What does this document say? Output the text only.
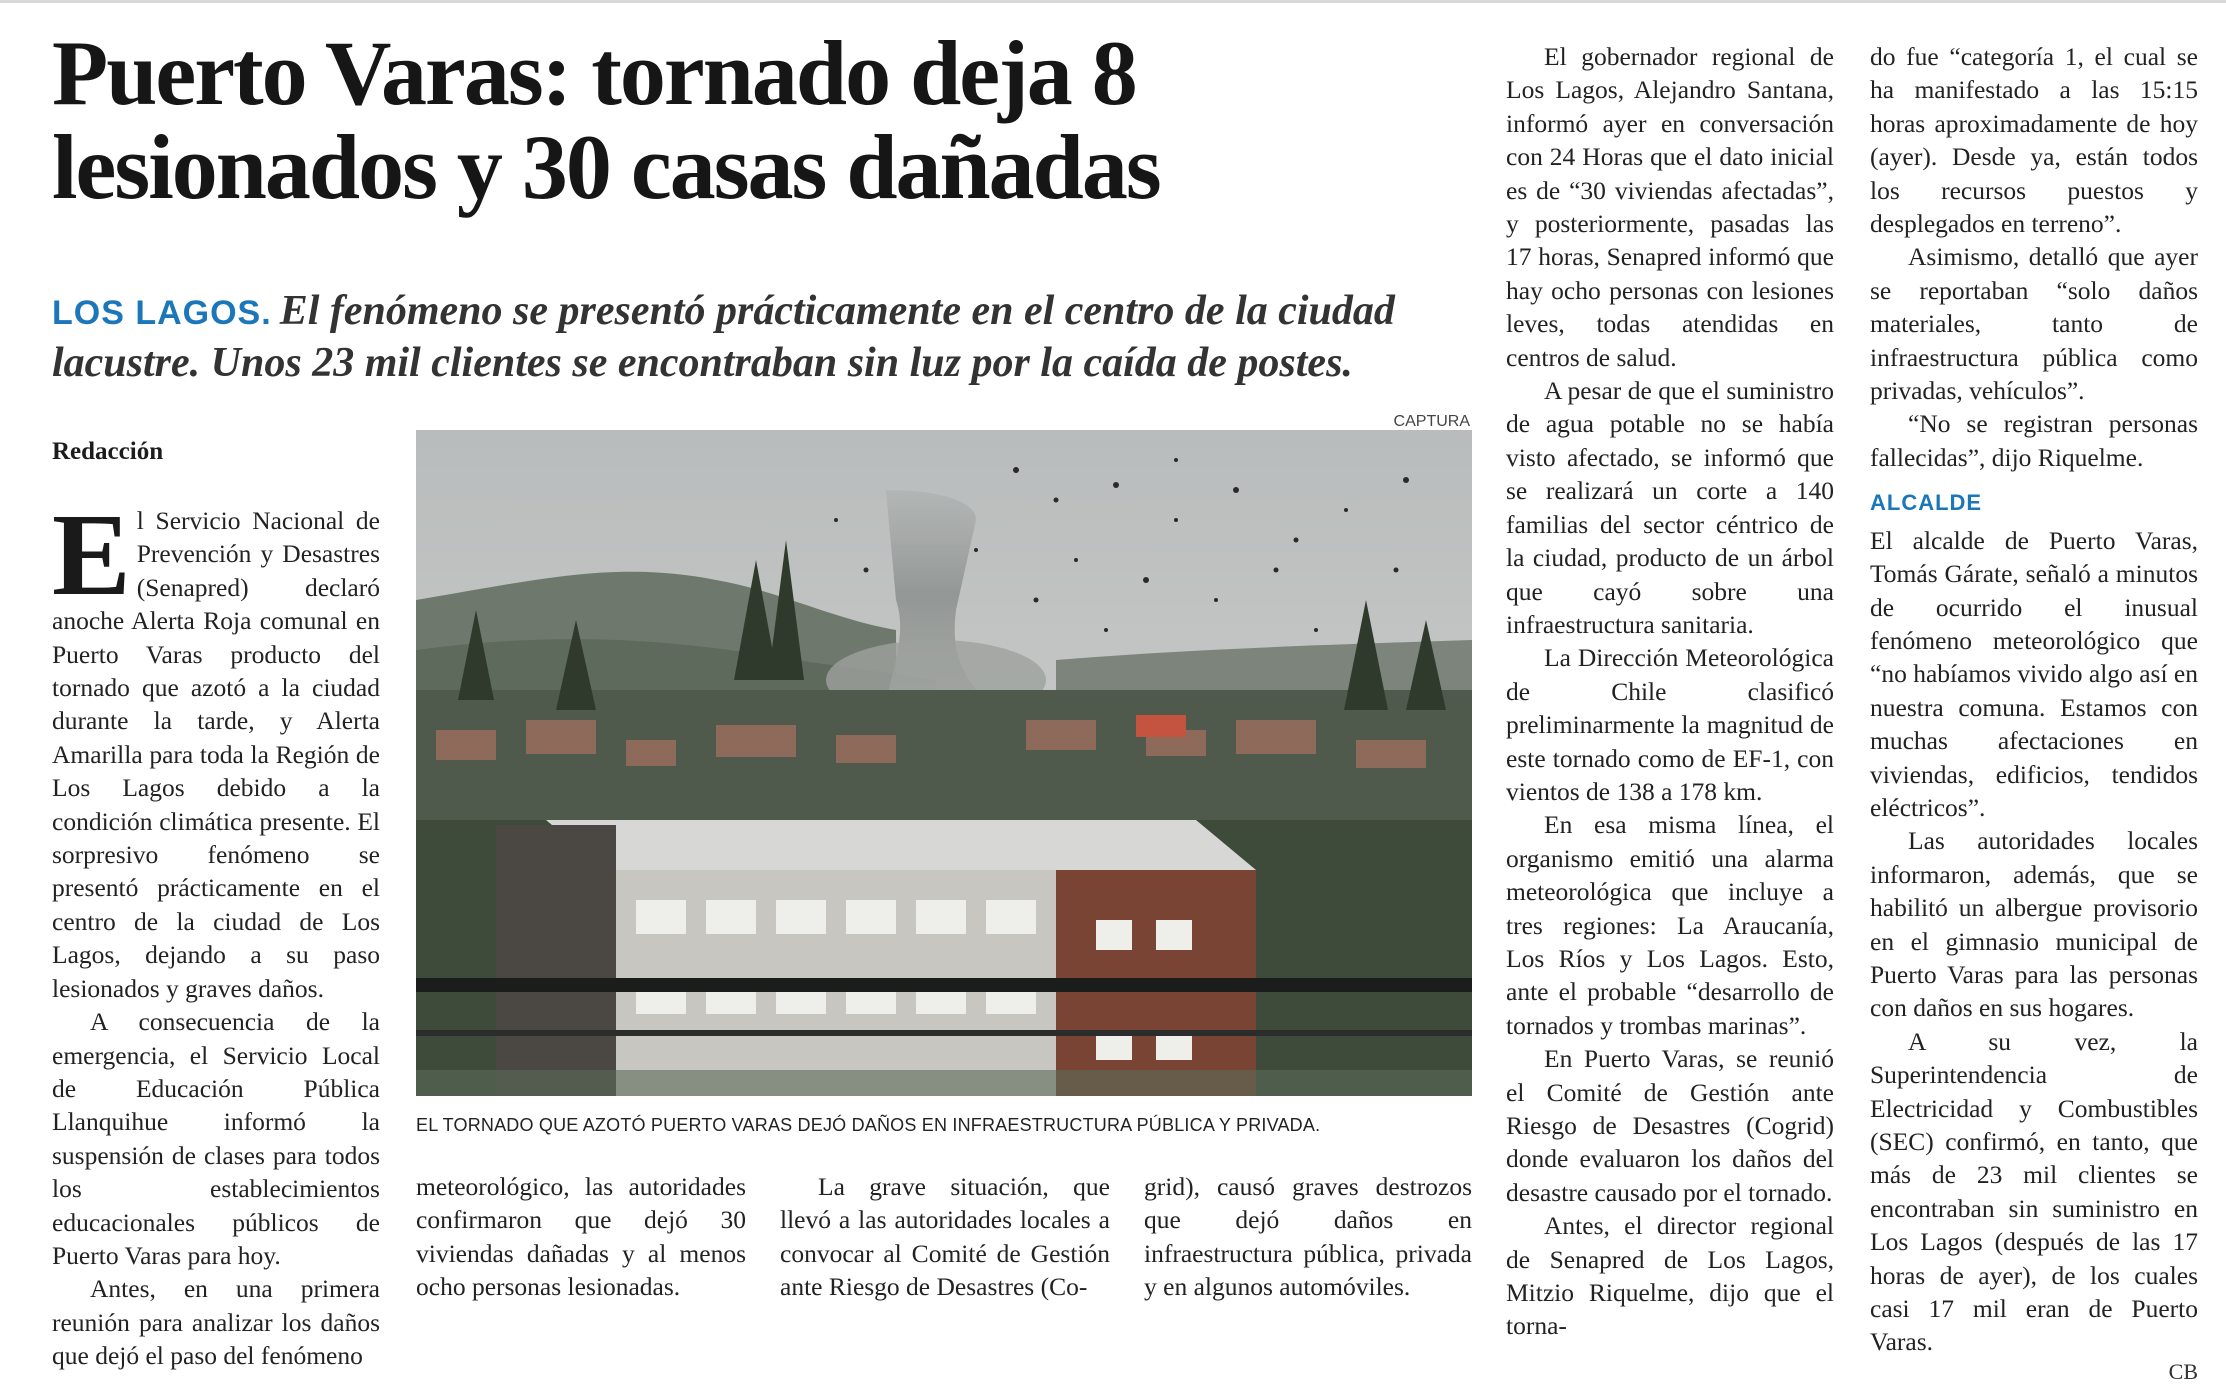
Puerto Varas: tornado deja 8 lesionados y 30 casas dañadas

LOS LAGOS. El fenómeno se presentó prácticamente en el centro de la ciudad lacustre. Unos 23 mil clientes se encontraban sin luz por la caída de postes.

Redacción

CAPTURA
EL TORNADO QUE AZOTÓ PUERTO VARAS DEJÓ DAÑOS EN INFRAESTRUCTURA PÚBLICA Y PRIVADA.

El Servicio Nacional de Prevención y Desastres (Senapred) declaró anoche Alerta Roja comunal en Puerto Varas producto del tornado que azotó a la ciudad durante la tarde, y Alerta Amarilla para toda la Región de Los Lagos debido a la condición climática presente. El sorpresivo fenómeno se presentó prácticamente en el centro de la ciudad de Los Lagos, dejando a su paso lesionados y graves daños.

A consecuencia de la emergencia, el Servicio Local de Educación Pública Llanquihue informó la suspensión de clases para todos los establecimientos educacionales públicos de Puerto Varas para hoy.

Antes, en una primera reunión para analizar los daños que dejó el paso del fenómeno

meteorológico, las autoridades confirmaron que dejó 30 viviendas dañadas y al menos ocho personas lesionadas.

La grave situación, que llevó a las autoridades locales a convocar al Comité de Gestión ante Riesgo de Desastres (Co-

grid), causó graves destrozos que dejó daños en infraestructura pública, privada y en algunos automóviles.

El gobernador regional de Los Lagos, Alejandro Santana, informó ayer en conversación con 24 Horas que el dato inicial es de “30 viviendas afectadas”, y posteriormente, pasadas las 17 horas, Senapred informó que hay ocho personas con lesiones leves, todas atendidas en centros de salud.

A pesar de que el suministro de agua potable no se había visto afectado, se informó que se realizará un corte a 140 familias del sector céntrico de la ciudad, producto de un árbol que cayó sobre una infraestructura sanitaria.

La Dirección Meteorológica de Chile clasificó preliminarmente la magnitud de este tornado como de EF-1, con vientos de 138 a 178 km.

En esa misma línea, el organismo emitió una alarma meteorológica que incluye a tres regiones: La Araucanía, Los Ríos y Los Lagos. Esto, ante el probable “desarrollo de tornados y trombas marinas”.

En Puerto Varas, se reunió el Comité de Gestión ante Riesgo de Desastres (Cogrid) donde evaluaron los daños del desastre causado por el tornado.

Antes, el director regional de Senapred de Los Lagos, Mitzio Riquelme, dijo que el torna-

do fue “categoría 1, el cual se ha manifestado a las 15:15 horas aproximadamente de hoy (ayer). Desde ya, están todos los recursos puestos y desplegados en terreno”.

Asimismo, detalló que ayer se reportaban “solo daños materiales, tanto de infraestructura pública como privadas, vehículos”.

“No se registran personas fallecidas”, dijo Riquelme.

ALCALDE

El alcalde de Puerto Varas, Tomás Gárate, señaló a minutos de ocurrido el inusual fenómeno meteorológico que “no habíamos vivido algo así en nuestra comuna. Estamos con muchas afectaciones en viviendas, edificios, tendidos eléctricos”.

Las autoridades locales informaron, además, que se habilitó un albergue provisorio en el gimnasio municipal de Puerto Varas para las personas con daños en sus hogares.

A su vez, la Superintendencia de Electricidad y Combustibles (SEC) confirmó, en tanto, que más de 23 mil clientes se encontraban sin suministro en Los Lagos (después de las 17 horas de ayer), de los cuales casi 17 mil eran de Puerto Varas.

CB
